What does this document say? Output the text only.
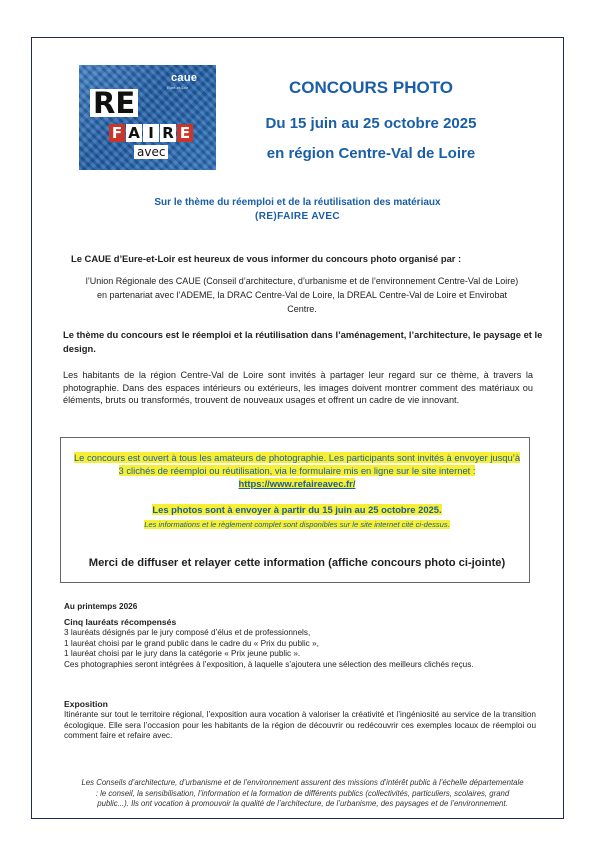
caue
Eure-et-Loir
RE
F A I R E
avec
CONCOURS PHOTO
Du 15 juin au 25 octobre 2025
en région Centre-Val de Loire
Sur le thème du réemploi et de la réutilisation des matériaux
(RE)FAIRE AVEC
Le CAUE d’Eure-et-Loir est heureux de vous informer du concours photo organisé par :
l’Union Régionale des CAUE (Conseil d’architecture, d’urbanisme et de l’environnement Centre-Val de Loire) en partenariat avec l’ADEME, la DRAC Centre-Val de Loire, la DREAL Centre-Val de Loire et Envirobat Centre.
Le thème du concours est le réemploi et la réutilisation dans l’aménagement, l’architecture, le paysage et le design.
Les habitants de la région Centre-Val de Loire sont invités à partager leur regard sur ce thème, à travers la photographie. Dans des espaces intérieurs ou extérieurs, les images doivent montrer comment des matériaux ou éléments, bruts ou transformés, trouvent de nouveaux usages et offrent un cadre de vie innovant.
Le concours est ouvert à tous les amateurs de photographie. Les participants sont invités à envoyer jusqu’à 3 clichés de réemploi ou réutilisation, via le formulaire mis en ligne sur le site internet : https://www.refaireavec.fr/
Les photos sont à envoyer à partir du 15 juin au 25 octobre 2025.
Les informations et le règlement complet sont disponibles sur le site internet cité ci-dessus.
Merci de diffuser et relayer cette information (affiche concours photo ci-jointe)
Au printemps 2026
Cinq lauréats récompensés
3 lauréats désignés par le jury composé d’élus et de professionnels,
1 lauréat choisi par le grand public dans le cadre du « Prix du public »,
1 lauréat choisi par le jury dans la catégorie « Prix jeune public ».
Ces photographies seront intégrées à l’exposition, à laquelle s’ajoutera une sélection des meilleurs clichés reçus.
Exposition
Itinérante sur tout le territoire régional, l’exposition aura vocation à valoriser la créativité et l’ingéniosité au service de la transition écologique. Elle sera l’occasion pour les habitants de la région de découvrir ou redécouvrir ces exemples locaux de réemploi ou comment faire et refaire avec.
Les Conseils d’architecture, d’urbanisme et de l’environnement assurent des missions d’intérêt public à l’échelle départementale : le conseil, la sensibilisation, l’information et la formation de différents publics (collectivités, particuliers, scolaires, grand public...). Ils ont vocation à promouvoir la qualité de l’architecture, de l’urbanisme, des paysages et de l’environnement.
